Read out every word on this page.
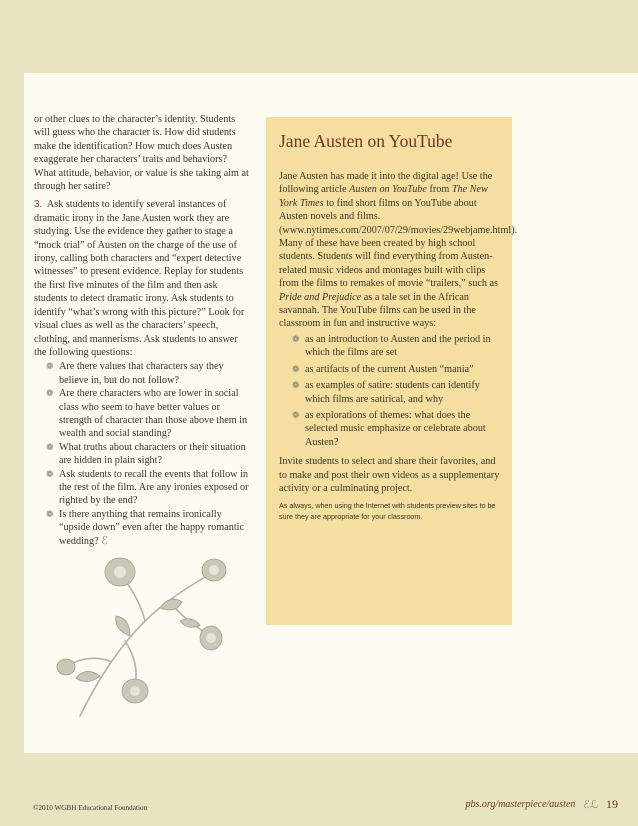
or other clues to the character’s identity. Students will guess who the character is. How did students make the identification? How much does Austen exaggerate her characters’ traits and behaviors? What attitude, behavior, or value is she taking aim at through her satire?

3. Ask students to identify several instances of dramatic irony in the Jane Austen work they are studying. Use the evidence they gather to stage a “mock trial” of Austen on the charge of the use of irony, calling both characters and “expert detective witnesses” to present evidence. Replay for students the first five minutes of the film and then ask students to detect dramatic irony. Ask students to identify “what’s wrong with this picture?” Look for visual clues as well as the characters’ speech, clothing, and mannerisms. Ask students to answer the following questions:

❁ Are there values that characters say they believe in, but do not follow?
❁ Are there characters who are lower in social class who seem to have better values or strength of character than those above them in wealth and social standing?
❁ What truths about characters or their situation are hidden in plain sight?
❁ Ask students to recall the events that follow in the rest of the film. Are any ironies exposed or righted by the end?
❁ Is there anything that remains ironically “upside down” even after the happy romantic wedding? ℰ
Jane Austen on YouTube

Jane Austen has made it into the digital age! Use the following article Austen on YouTube from The New York Times to find short films on YouTube about Austen novels and films. (www.nytimes.com/2007/07/29/movies/29webjame.html). Many of these have been created by high school students. Students will find everything from Austen-related music videos and montages built with clips from the films to remakes of movie “trailers,” such as Pride and Prejudice as a tale set in the African savannah. The YouTube films can be used in the classroom in fun and instructive ways:

❁ as an introduction to Austen and the period in which the films are set
❁ as artifacts of the current Austen “mania”
❁ as examples of satire: students can identify which films are satirical, and why
❁ as explorations of themes: what does the selected music emphasize or celebrate about Austen?

Invite students to select and share their favorites, and to make and post their own videos as a supplementary activity or a culminating project.

As always, when using the Internet with students preview sites to be sure they are appropriate for your classroom.

©2010 WGBH Educational Foundation	pbs.org/masterpiece/austen ℰℒ 19
